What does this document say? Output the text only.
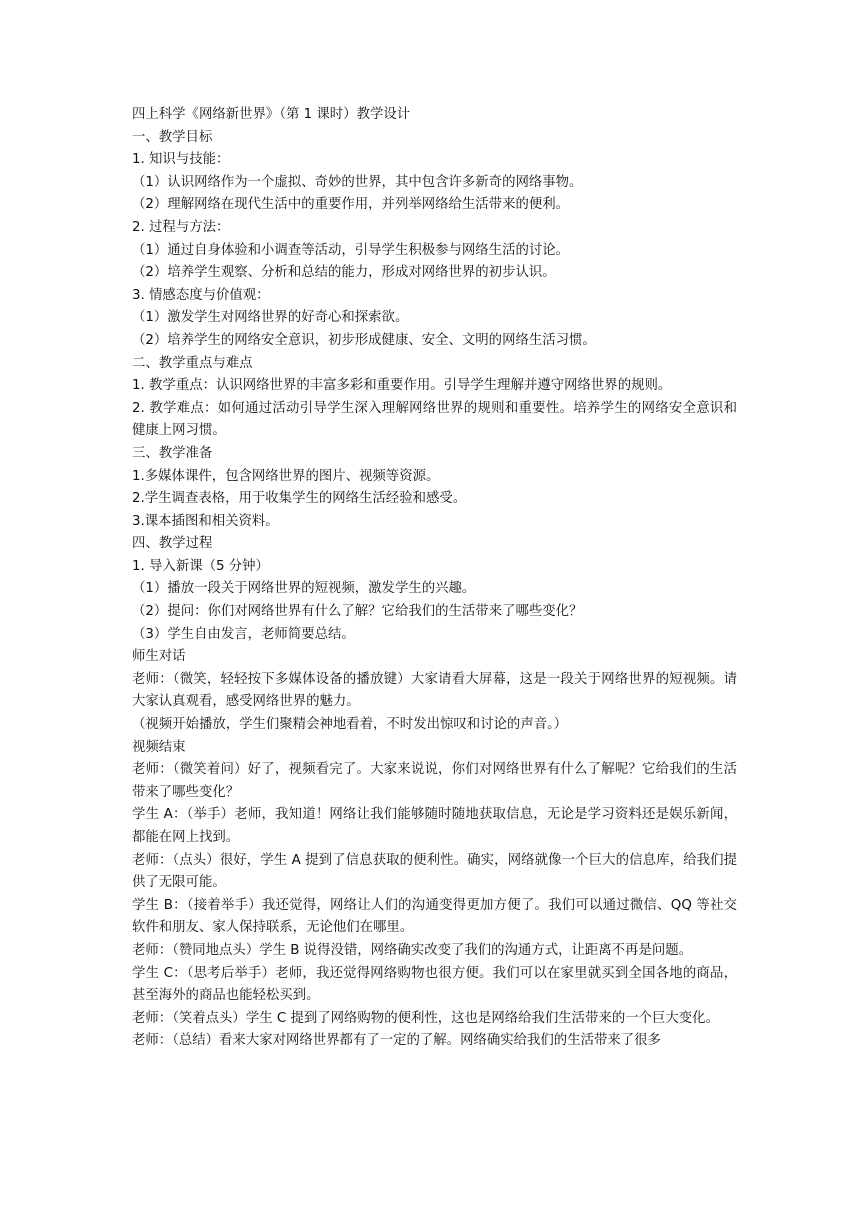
四上科学《网络新世界》（第 1 课时）教学设计

一、教学目标

1. 知识与技能：

（1）认识网络作为一个虚拟、奇妙的世界，其中包含许多新奇的网络事物。

（2）理解网络在现代生活中的重要作用，并列举网络给生活带来的便利。

2. 过程与方法：

（1）通过自身体验和小调查等活动，引导学生积极参与网络生活的讨论。

（2）培养学生观察、分析和总结的能力，形成对网络世界的初步认识。

3. 情感态度与价值观：

（1）激发学生对网络世界的好奇心和探索欲。

（2）培养学生的网络安全意识，初步形成健康、安全、文明的网络生活习惯。

二、教学重点与难点

1. 教学重点：认识网络世界的丰富多彩和重要作用。引导学生理解并遵守网络世界的规则。

2. 教学难点：如何通过活动引导学生深入理解网络世界的规则和重要性。培养学生的网络安全意识和健康上网习惯。

三、教学准备

1.多媒体课件，包含网络世界的图片、视频等资源。

2.学生调查表格，用于收集学生的网络生活经验和感受。

3.课本插图和相关资料。

四、教学过程

1. 导入新课（5 分钟）

（1）播放一段关于网络世界的短视频，激发学生的兴趣。

（2）提问：你们对网络世界有什么了解？它给我们的生活带来了哪些变化？

（3）学生自由发言，老师简要总结。

师生对话

老师：（微笑，轻轻按下多媒体设备的播放键）大家请看大屏幕，这是一段关于网络世界的短视频。请大家认真观看，感受网络世界的魅力。

（视频开始播放，学生们聚精会神地看着，不时发出惊叹和讨论的声音。）

视频结束

老师：（微笑着问）好了，视频看完了。大家来说说，你们对网络世界有什么了解呢？它给我们的生活带来了哪些变化？

学生 A：（举手）老师，我知道！网络让我们能够随时随地获取信息，无论是学习资料还是娱乐新闻，都能在网上找到。

老师：（点头）很好，学生 A 提到了信息获取的便利性。确实，网络就像一个巨大的信息库，给我们提供了无限可能。

学生 B：（接着举手）我还觉得，网络让人们的沟通变得更加方便了。我们可以通过微信、QQ 等社交软件和朋友、家人保持联系，无论他们在哪里。

老师：（赞同地点头）学生 B 说得没错，网络确实改变了我们的沟通方式，让距离不再是问题。

学生 C：（思考后举手）老师，我还觉得网络购物也很方便。我们可以在家里就买到全国各地的商品，甚至海外的商品也能轻松买到。

老师：（笑着点头）学生 C 提到了网络购物的便利性，这也是网络给我们生活带来的一个巨大变化。

老师：（总结）看来大家对网络世界都有了一定的了解。网络确实给我们的生活带来了很多
